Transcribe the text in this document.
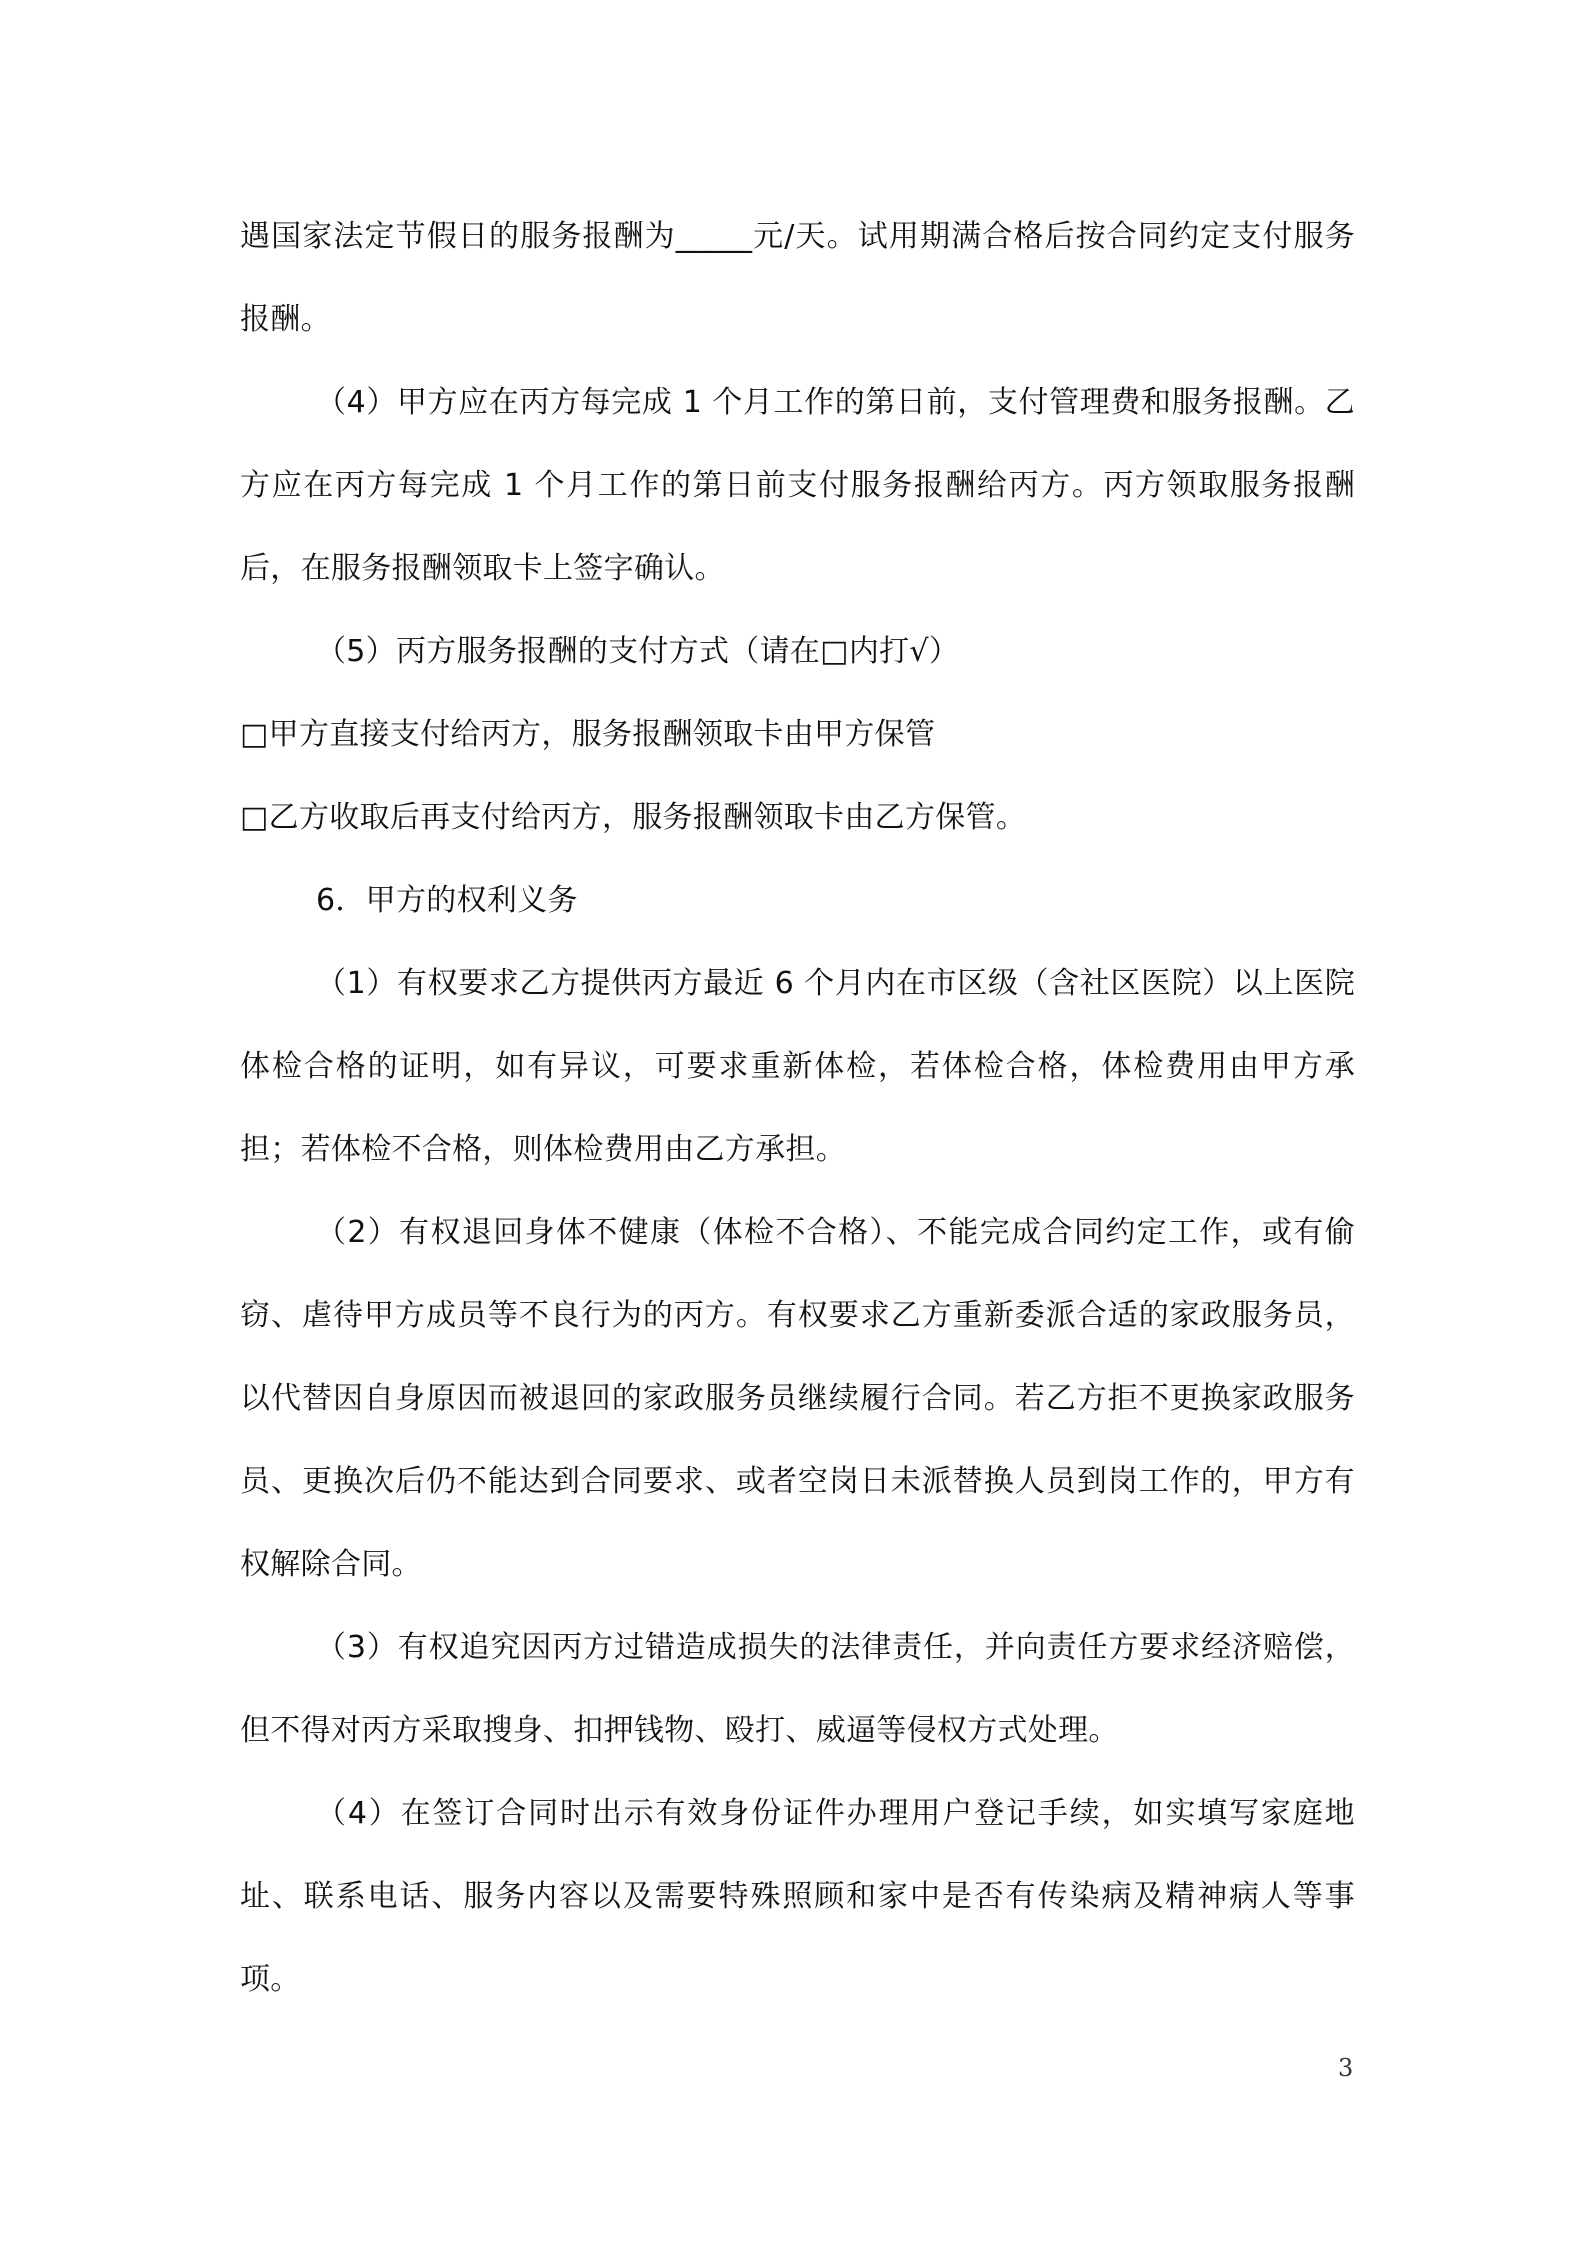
遇国家法定节假日的服务报酬为_____元/天。试用期满合格后按合同约定支付服务报酬。

（4）甲方应在丙方每完成 1 个月工作的第日前，支付管理费和服务报酬。乙方应在丙方每完成 1 个月工作的第日前支付服务报酬给丙方。丙方领取服务报酬后，在服务报酬领取卡上签字确认。

（5）丙方服务报酬的支付方式（请在□内打√）

□甲方直接支付给丙方，服务报酬领取卡由甲方保管

□乙方收取后再支付给丙方，服务报酬领取卡由乙方保管。

6．甲方的权利义务

（1）有权要求乙方提供丙方最近 6 个月内在市区级（含社区医院）以上医院体检合格的证明，如有异议，可要求重新体检，若体检合格，体检费用由甲方承担；若体检不合格，则体检费用由乙方承担。

（2）有权退回身体不健康（体检不合格）、不能完成合同约定工作，或有偷窃、虐待甲方成员等不良行为的丙方。有权要求乙方重新委派合适的家政服务员，以代替因自身原因而被退回的家政服务员继续履行合同。若乙方拒不更换家政服务员、更换次后仍不能达到合同要求、或者空岗日未派替换人员到岗工作的，甲方有权解除合同。

（3）有权追究因丙方过错造成损失的法律责任，并向责任方要求经济赔偿，但不得对丙方采取搜身、扣押钱物、殴打、威逼等侵权方式处理。

（4）在签订合同时出示有效身份证件办理用户登记手续，如实填写家庭地址、联系电话、服务内容以及需要特殊照顾和家中是否有传染病及精神病人等事项。

3
